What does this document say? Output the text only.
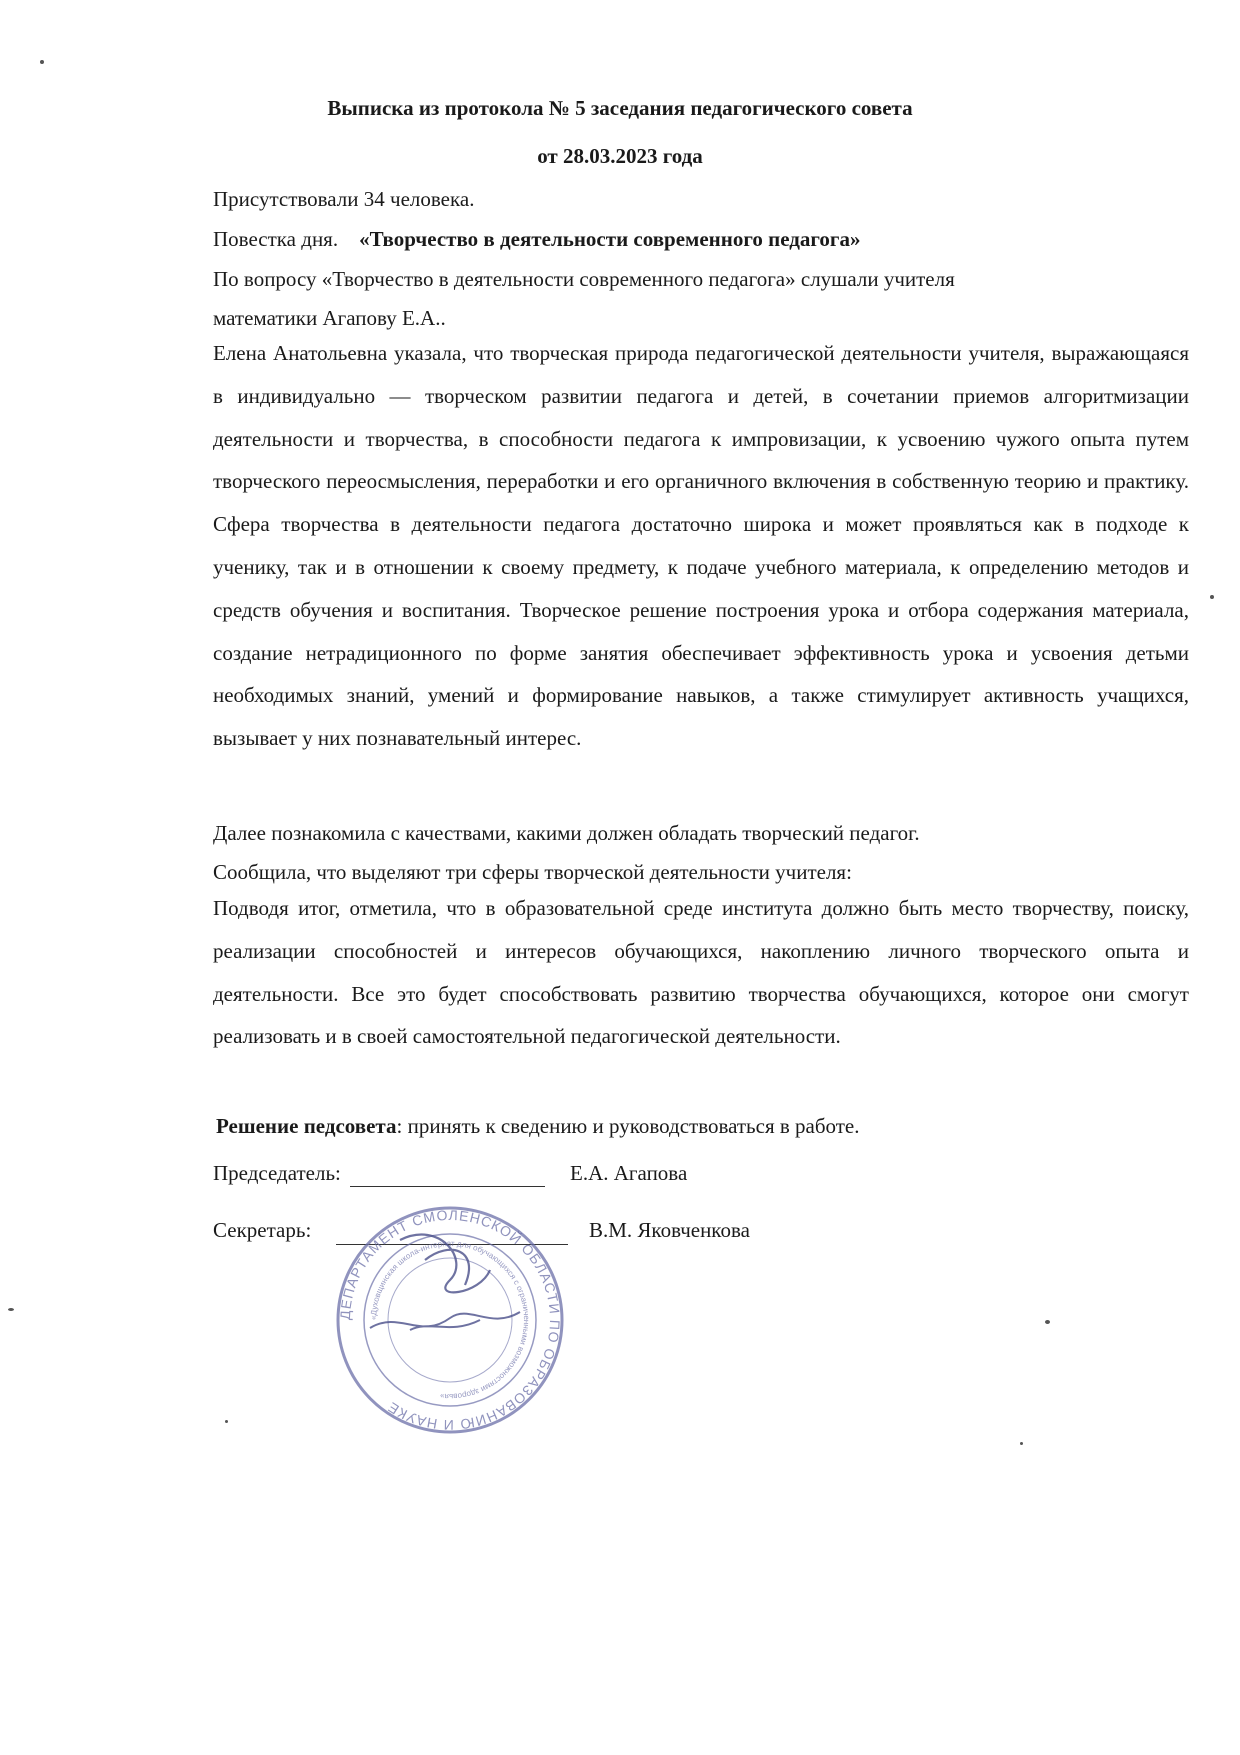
Выписка из протокола № 5 заседания педагогического совета
от 28.03.2023 года
Присутствовали 34 человека.
Повестка дня. «Творчество в деятельности современного педагога»
По вопросу «Творчество в деятельности современного педагога» слушали учителя
математики Агапову Е.А..
Елена Анатольевна указала, что творческая природа педагогической деятельности учителя, выражающаяся в индивидуально — творческом развитии педагога и детей, в сочетании приемов алгоритмизации деятельности и творчества, в способности педагога к импровизации, к усвоению чужого опыта путем творческого переосмысления, переработки и его органичного включения в собственную теорию и практику. Сфера творчества в деятельности педагога достаточно широка и может проявляться как в подходе к ученику, так и в отношении к своему предмету, к подаче учебного материала, к определению методов и средств обучения и воспитания. Творческое решение построения урока и отбора содержания материала, создание нетрадиционного по форме занятия обеспечивает эффективность урока и усвоения детьми необходимых знаний, умений и формирование навыков, а также стимулирует активность учащихся, вызывает у них познавательный интерес.
Далее познакомила с качествами, какими должен обладать творческий педагог.
Сообщила, что выделяют три сферы творческой деятельности учителя:
Подводя итог, отметила, что в образовательной среде института должно быть место творчеству, поиску, реализации способностей и интересов обучающихся, накоплению личного творческого опыта и деятельности. Все это будет способствовать развитию творчества обучающихся, которое они смогут реализовать и в своей самостоятельной педагогической деятельности.
Решение педсовета: принять к сведению и руководствоваться в работе.
Председатель:	Е.А. Агапова
Секретарь:	В.М. Яковченкова
ДЕПАРТАМЕНТ СМОЛЕНСКОЙ ОБЛАСТИ ПО ОБРАЗОВАНИЮ И НАУКЕ
«Духовщинская школа-интернат для обучающихся с ограниченными возможностями здоровья»
